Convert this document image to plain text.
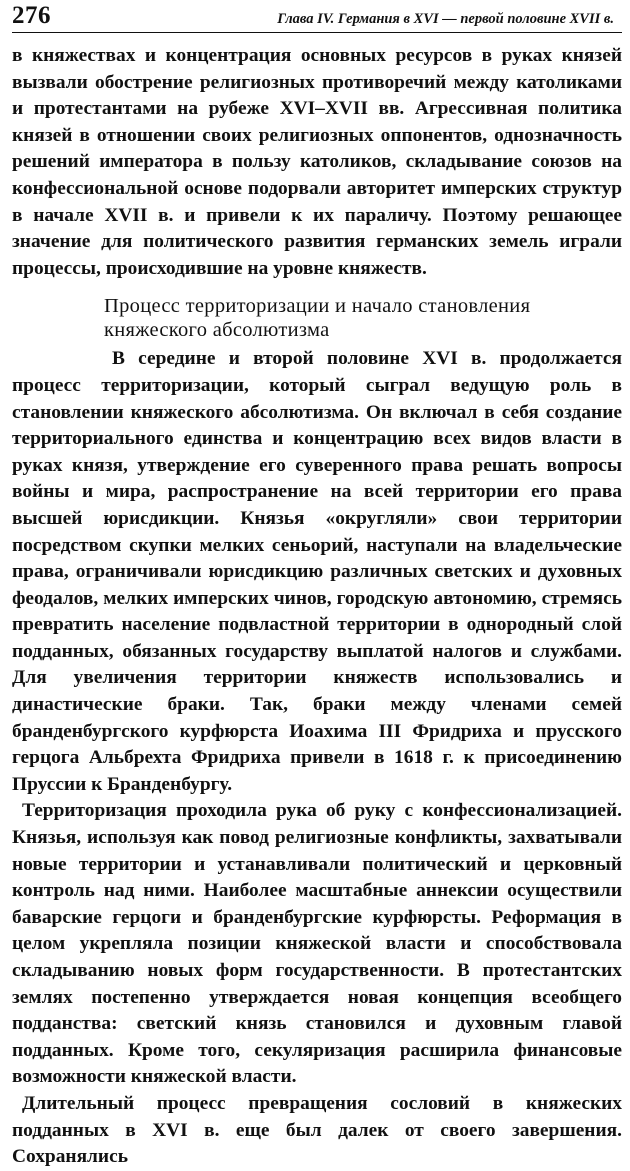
276	Глава IV. Германия в XVI — первой половине XVII в.

в княжествах и концентрация основных ресурсов в руках князей вызвали обострение религиозных противоречий между католиками и протестантами на рубеже XVI–XVII вв. Агрессивная политика князей в отношении своих религиозных оппонентов, однозначность решений императора в пользу католиков, складывание союзов на конфессиональной основе подорвали авторитет имперских структур в начале XVII в. и привели к их параличу. Поэтому решающее значение для политического развития германских земель играли процессы, происходившие на уровне княжеств.

Процесс территоризации и начало становления
княжеского абсолютизма

В середине и второй половине XVI в. продолжается процесс территоризации, который сыграл ведущую роль в становлении княжеского абсолютизма. Он включал в себя создание территориального единства и концентрацию всех видов власти в руках князя, утверждение его суверенного права решать вопросы войны и мира, распространение на всей территории его права высшей юрисдикции. Князья «округляли» свои территории посредством скупки мелких сеньорий, наступали на владельческие права, ограничивали юрисдикцию различных светских и духовных феодалов, мелких имперских чинов, городскую автономию, стремясь превратить население подвластной территории в однородный слой подданных, обязанных государству выплатой налогов и службами. Для увеличения территории княжеств использовались и династические браки. Так, браки между членами семей бранденбургского курфюрста Иоахима III Фридриха и прусского герцога Альбрехта Фридриха привели в 1618 г. к присоединению Пруссии к Бранденбургу.

Территоризация проходила рука об руку с конфессионализацией. Князья, используя как повод религиозные конфликты, захватывали новые территории и устанавливали политический и церковный контроль над ними. Наиболее масштабные аннексии осуществили баварские герцоги и бранденбургские курфюрсты. Реформация в целом укрепляла позиции княжеской власти и способствовала складыванию новых форм государственности. В протестантских землях постепенно утверждается новая концепция всеобщего подданства: светский князь становился и духовным главой подданных. Кроме того, секуляризация расширила финансовые возможности княжеской власти.

Длительный процесс превращения сословий в княжеских подданных в XVI в. еще был далек от своего завершения. Сохранялись
